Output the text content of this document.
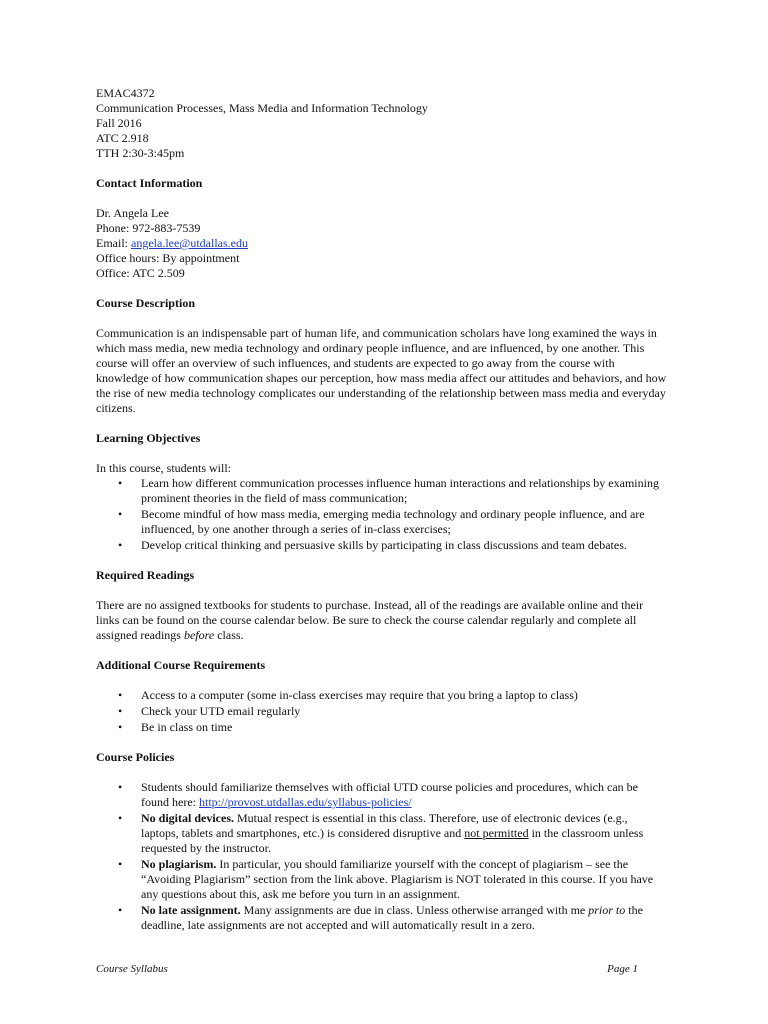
EMAC4372
Communication Processes, Mass Media and Information Technology
Fall 2016
ATC 2.918
TTH 2:30-3:45pm
Contact Information
Dr. Angela Lee
Phone: 972-883-7539
Email: angela.lee@utdallas.edu
Office hours: By appointment
Office: ATC 2.509
Course Description

Communication is an indispensable part of human life, and communication scholars have long examined the ways in which mass media, new media technology and ordinary people influence, and are influenced, by one another. This course will offer an overview of such influences, and students are expected to go away from the course with knowledge of how communication shapes our perception, how mass media affect our attitudes and behaviors, and how the rise of new media technology complicates our understanding of the relationship between mass media and everyday citizens.

Learning Objectives
In this course, students will:
• Learn how different communication processes influence human interactions and relationships by examining prominent theories in the field of mass communication;
• Become mindful of how mass media, emerging media technology and ordinary people influence, and are influenced, by one another through a series of in-class exercises;
• Develop critical thinking and persuasive skills by participating in class discussions and team debates.
Required Readings

There are no assigned textbooks for students to purchase. Instead, all of the readings are available online and their links can be found on the course calendar below. Be sure to check the course calendar regularly and complete all assigned readings before class.

Additional Course Requirements
• Access to a computer (some in-class exercises may require that you bring a laptop to class)
• Check your UTD email regularly
• Be in class on time
Course Policies
• Students should familiarize themselves with official UTD course policies and procedures, which can be found here: http://provost.utdallas.edu/syllabus-policies/
• No digital devices. Mutual respect is essential in this class. Therefore, use of electronic devices (e.g., laptops, tablets and smartphones, etc.) is considered disruptive and not permitted in the classroom unless requested by the instructor.
• No plagiarism. In particular, you should familiarize yourself with the concept of plagiarism – see the “Avoiding Plagiarism” section from the link above. Plagiarism is NOT tolerated in this course. If you have any questions about this, ask me before you turn in an assignment.
• No late assignment. Many assignments are due in class. Unless otherwise arranged with me prior to the deadline, late assignments are not accepted and will automatically result in a zero.
Course Syllabus	Page 1
